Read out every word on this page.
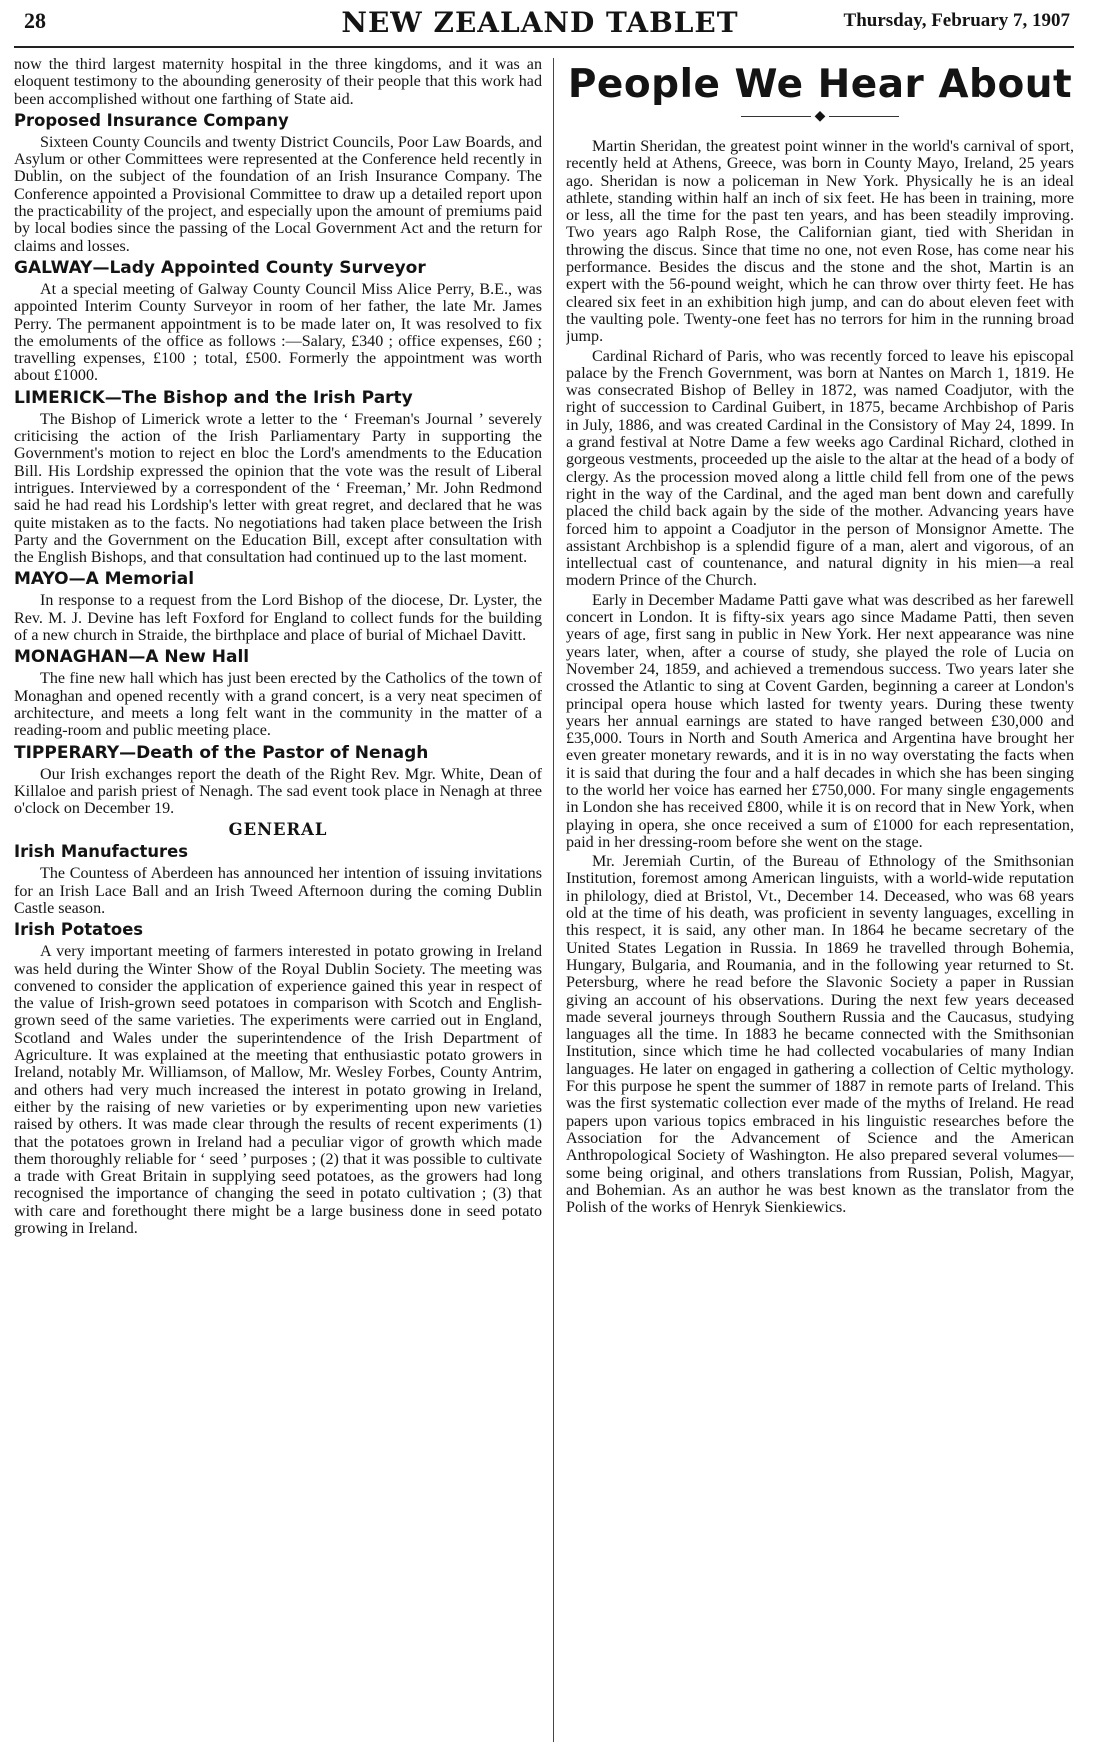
28	NEW ZEALAND TABLET	Thursday, February 7, 1907

now the third largest maternity hospital in the three kingdoms, and it was an eloquent testimony to the abounding generosity of their people that this work had been accomplished without one farthing of State aid.

Proposed Insurance Company

Sixteen County Councils and twenty District Councils, Poor Law Boards, and Asylum or other Committees were represented at the Conference held recently in Dublin, on the subject of the foundation of an Irish Insurance Company. The Conference appointed a Provisional Committee to draw up a detailed report upon the practicability of the project, and especially upon the amount of premiums paid by local bodies since the passing of the Local Government Act and the return for claims and losses.

GALWAY—Lady Appointed County Surveyor

At a special meeting of Galway County Council Miss Alice Perry, B.E., was appointed Interim County Surveyor in room of her father, the late Mr. James Perry. The permanent appointment is to be made later on, It was resolved to fix the emoluments of the office as follows :—Salary, £340 ; office expenses, £60 ; travelling expenses, £100 ; total, £500. Formerly the appointment was worth about £1000.

LIMERICK—The Bishop and the Irish Party

The Bishop of Limerick wrote a letter to the ‘ Freeman's Journal ’ severely criticising the action of the Irish Parliamentary Party in supporting the Government's motion to reject en bloc the Lord's amendments to the Education Bill. His Lordship expressed the opinion that the vote was the result of Liberal intrigues. Interviewed by a correspondent of the ‘ Freeman,’ Mr. John Redmond said he had read his Lordship's letter with great regret, and declared that he was quite mistaken as to the facts. No negotiations had taken place between the Irish Party and the Government on the Education Bill, except after consultation with the English Bishops, and that consultation had continued up to the last moment.

MAYO—A Memorial

In response to a request from the Lord Bishop of the diocese, Dr. Lyster, the Rev. M. J. Devine has left Foxford for England to collect funds for the building of a new church in Straide, the birthplace and place of burial of Michael Davitt.

MONAGHAN—A New Hall

The fine new hall which has just been erected by the Catholics of the town of Monaghan and opened recently with a grand concert, is a very neat specimen of architecture, and meets a long felt want in the community in the matter of a reading-room and public meeting place.

TIPPERARY—Death of the Pastor of Nenagh

Our Irish exchanges report the death of the Right Rev. Mgr. White, Dean of Killaloe and parish priest of Nenagh. The sad event took place in Nenagh at three o'clock on December 19.

GENERAL
Irish Manufactures

The Countess of Aberdeen has announced her intention of issuing invitations for an Irish Lace Ball and an Irish Tweed Afternoon during the coming Dublin Castle season.

Irish Potatoes

A very important meeting of farmers interested in potato growing in Ireland was held during the Winter Show of the Royal Dublin Society. The meeting was convened to consider the application of experience gained this year in respect of the value of Irish-grown seed potatoes in comparison with Scotch and English-grown seed of the same varieties. The experiments were carried out in England, Scotland and Wales under the superintendence of the Irish Department of Agriculture. It was explained at the meeting that enthusiastic potato growers in Ireland, notably Mr. Williamson, of Mallow, Mr. Wesley Forbes, County Antrim, and others had very much increased the interest in potato growing in Ireland, either by the raising of new varieties or by experimenting upon new varieties raised by others. It was made clear through the results of recent experiments (1) that the potatoes grown in Ireland had a peculiar vigor of growth which made them thoroughly reliable for ‘ seed ’ purposes ; (2) that it was possible to cultivate a trade with Great Britain in supplying seed potatoes, as the growers had long recognised the importance of changing the seed in potato cultivation ; (3) that with care and forethought there might be a large business done in seed potato growing in Ireland.

People We Hear About
◆

Martin Sheridan, the greatest point winner in the world's carnival of sport, recently held at Athens, Greece, was born in County Mayo, Ireland, 25 years ago. Sheridan is now a policeman in New York. Physically he is an ideal athlete, standing within half an inch of six feet. He has been in training, more or less, all the time for the past ten years, and has been steadily improving. Two years ago Ralph Rose, the Californian giant, tied with Sheridan in throwing the discus. Since that time no one, not even Rose, has come near his performance. Besides the discus and the stone and the shot, Martin is an expert with the 56-pound weight, which he can throw over thirty feet. He has cleared six feet in an exhibition high jump, and can do about eleven feet with the vaulting pole. Twenty-one feet has no terrors for him in the running broad jump.

Cardinal Richard of Paris, who was recently forced to leave his episcopal palace by the French Government, was born at Nantes on March 1, 1819. He was consecrated Bishop of Belley in 1872, was named Coadjutor, with the right of succession to Cardinal Guibert, in 1875, became Archbishop of Paris in July, 1886, and was created Cardinal in the Consistory of May 24, 1899. In a grand festival at Notre Dame a few weeks ago Cardinal Richard, clothed in gorgeous vestments, proceeded up the aisle to the altar at the head of a body of clergy. As the procession moved along a little child fell from one of the pews right in the way of the Cardinal, and the aged man bent down and carefully placed the child back again by the side of the mother. Advancing years have forced him to appoint a Coadjutor in the person of Monsignor Amette. The assistant Archbishop is a splendid figure of a man, alert and vigorous, of an intellectual cast of countenance, and natural dignity in his mien—a real modern Prince of the Church.

Early in December Madame Patti gave what was described as her farewell concert in London. It is fifty-six years ago since Madame Patti, then seven years of age, first sang in public in New York. Her next appearance was nine years later, when, after a course of study, she played the role of Lucia on November 24, 1859, and achieved a tremendous success. Two years later she crossed the Atlantic to sing at Covent Garden, beginning a career at London's principal opera house which lasted for twenty years. During these twenty years her annual earnings are stated to have ranged between £30,000 and £35,000. Tours in North and South America and Argentina have brought her even greater monetary rewards, and it is in no way overstating the facts when it is said that during the four and a half decades in which she has been singing to the world her voice has earned her £750,000. For many single engagements in London she has received £800, while it is on record that in New York, when playing in opera, she once received a sum of £1000 for each representation, paid in her dressing-room before she went on the stage.

Mr. Jeremiah Curtin, of the Bureau of Ethnology of the Smithsonian Institution, foremost among American linguists, with a world-wide reputation in philology, died at Bristol, Vt., December 14. Deceased, who was 68 years old at the time of his death, was proficient in seventy languages, excelling in this respect, it is said, any other man. In 1864 he became secretary of the United States Legation in Russia. In 1869 he travelled through Bohemia, Hungary, Bulgaria, and Roumania, and in the following year returned to St. Petersburg, where he read before the Slavonic Society a paper in Russian giving an account of his observations. During the next few years deceased made several journeys through Southern Russia and the Caucasus, studying languages all the time. In 1883 he became connected with the Smithsonian Institution, since which time he had collected vocabularies of many Indian languages. He later on engaged in gathering a collection of Celtic mythology. For this purpose he spent the summer of 1887 in remote parts of Ireland. This was the first systematic collection ever made of the myths of Ireland. He read papers upon various topics embraced in his linguistic researches before the Association for the Advancement of Science and the American Anthropological Society of Washington. He also prepared several volumes—some being original, and others translations from Russian, Polish, Magyar, and Bohemian. As an author he was best known as the translator from the Polish of the works of Henryk Sienkiewics.
